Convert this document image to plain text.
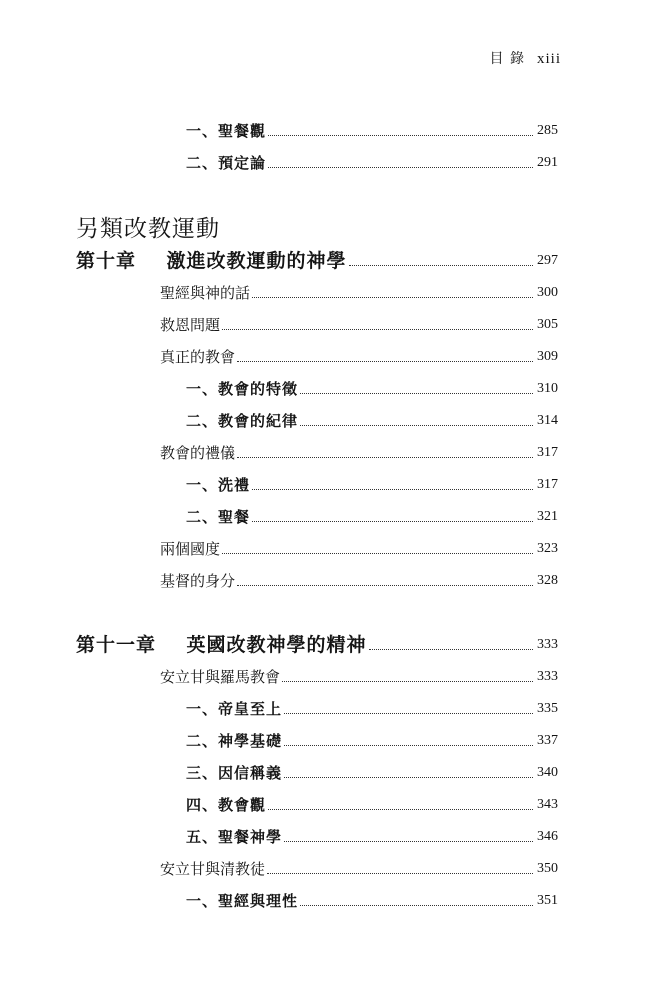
目 錄 xiii
一、聖餐觀	285
二、預定論	291
另類改教運動
第十章 激進改教運動的神學	297
聖經與神的話	300
救恩問題	305
真正的教會	309
一、教會的特徵	310
二、教會的紀律	314
教會的禮儀	317
一、洗禮	317
二、聖餐	321
兩個國度	323
基督的身分	328
第十一章 英國改教神學的精神	333
安立甘與羅馬教會	333
一、帝皇至上	335
二、神學基礎	337
三、因信稱義	340
四、教會觀	343
五、聖餐神學	346
安立甘與清教徒	350
一、聖經與理性	351
